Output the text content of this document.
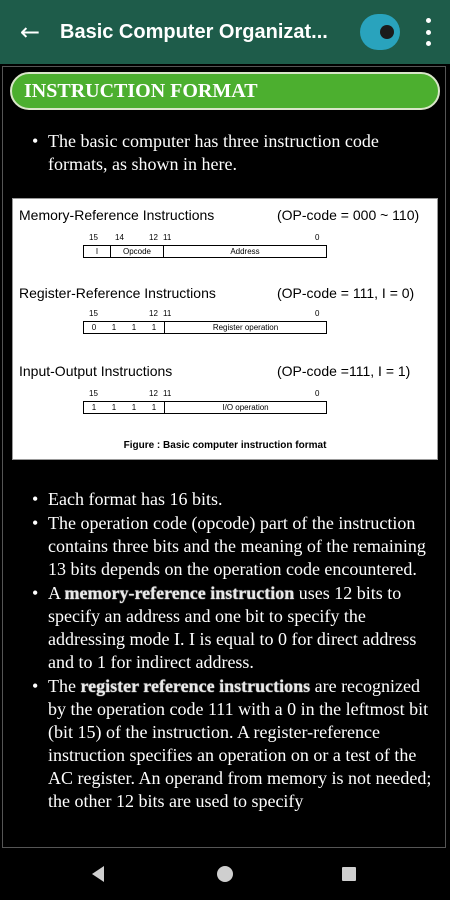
← Basic Computer Organizat...
INSTRUCTION FORMAT
• The basic computer has three instruction code formats, as shown in here.
Memory-Reference Instructions	(OP-code = 000 ~ 110)
15 14	12 11	0
I	Opcode	Address
Register-Reference Instructions	(OP-code = 111, I = 0)
15	12 11	0
0	1	1	1	Register operation
Input-Output Instructions	(OP-code =111, I = 1)
15	12 11	0
1	1	1	1	I/O operation
Figure : Basic computer instruction format
• Each format has 16 bits.
• The operation code (opcode) part of the instruction contains three bits and the meaning of the remaining 13 bits depends on the operation code encountered.
• A memory-reference instruction uses 12 bits to specify an address and one bit to specify the addressing mode I. I is equal to 0 for direct address and to 1 for indirect address.
• The register reference instructions are recognized by the operation code 111 with a 0 in the leftmost bit (bit 15) of the instruction. A register-reference instruction specifies an operation on or a test of the AC register. An operand from memory is not needed; the other 12 bits are used to specify
